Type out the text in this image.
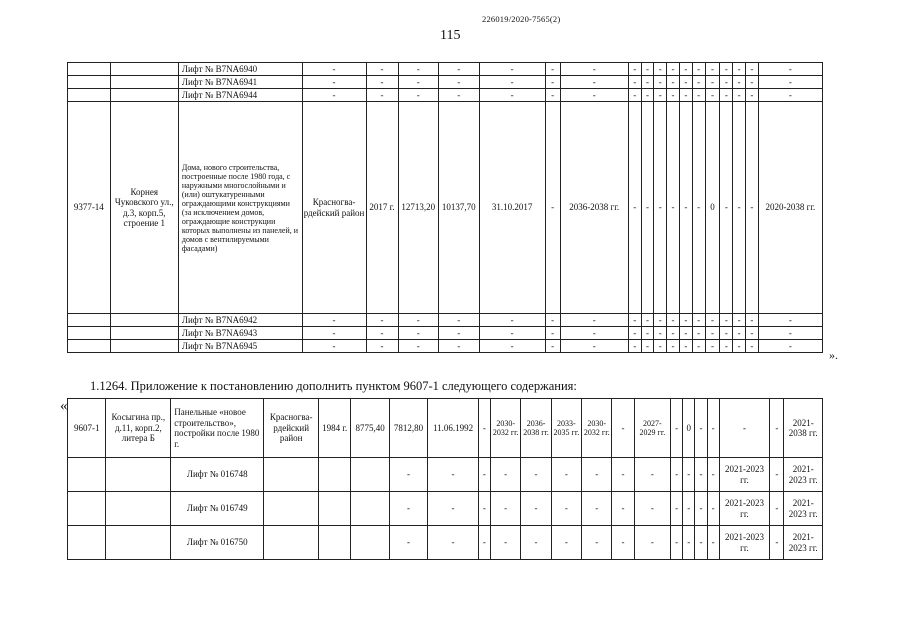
226019/2020-7565(2)
115
		Лифт № B7NA6940	-	-	-	-	-	-	-	-	-	-	-	-	-	-	-	-	-	-
		Лифт № B7NA6941	-	-	-	-	-	-	-	-	-	-	-	-	-	-	-	-	-	-
		Лифт № B7NA6944	-	-	-	-	-	-	-	-	-	-	-	-	-	-	-	-	-	-
9377-14	Корнея Чуковского ул., д.3, корп.5, строение 1	Дома, нового строительства, построенные после 1980 года, с наружными многослойными и (или) оштукатуренными ограждающими конструкциями (за исключением домов, ограждающие конструкции которых выполнены из панелей, и домов с вентилируемыми фасадами)	Красногва-рдейский район	2017 г.	12713,20	10137,70	31.10.2017	-	2036-2038 гг.	-	-	-	-	-	-	0	-	-	-	2020-2038 гг.
		Лифт № B7NA6942	-	-	-	-	-	-	-	-	-	-	-	-	-	-	-	-	-	-
		Лифт № B7NA6943	-	-	-	-	-	-	-	-	-	-	-	-	-	-	-	-	-	-
		Лифт № B7NA6945	-	-	-	-	-	-	-	-	-	-	-	-	-	-	-	-	-	-
».
1.1264. Приложение к постановлению дополнить пунктом 9607-1 следующего содержания:
«
9607-1	Косыгина пр., д.11, корп.2, литера Б	Панельные «новое строительство», постройки после 1980 г.	Красногва-рдейский район	1984 г.	8775,40	7812,80	11.06.1992	-	2030-2032 гг.	2036-2038 гг.	2033-2035 гг.	2030-2032 гг.	-	2027-2029 гг.	-	0	-	-	-	-	2021-2038 гг.
		Лифт № 016748				-	-	-	-	-	-	-	-	-	-	-	-	-	2021-2023 гг.	-	2021-2023 гг.
		Лифт № 016749				-	-	-	-	-	-	-	-	-	-	-	-	-	2021-2023 гг.	-	2021-2023 гг.
		Лифт № 016750				-	-	-	-	-	-	-	-	-	-	-	-	-	2021-2023 гг.	-	2021-2023 гг.
